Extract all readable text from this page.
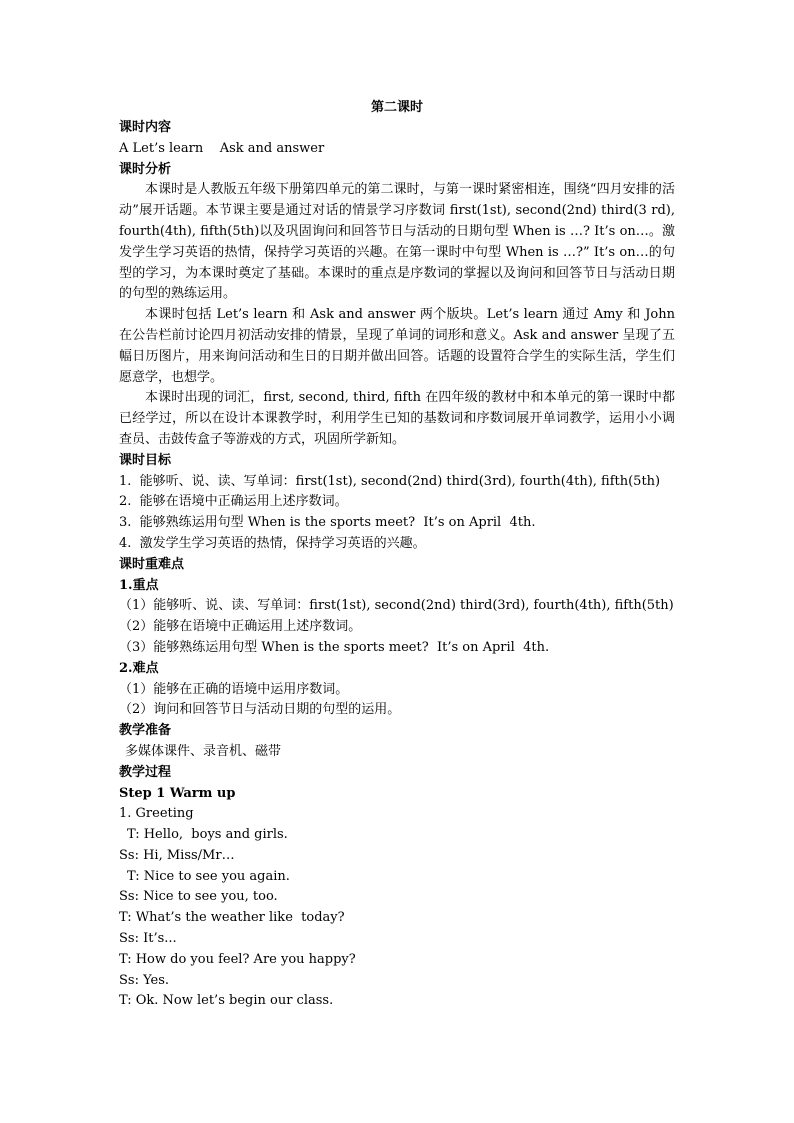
第二课时

课时内容

A Let’s learn    Ask and answer

课时分析

本课时是人教版五年级下册第四单元的第二课时，与第一课时紧密相连，围绕“四月安排的活动”展开话题。本节课主要是通过对话的情景学习序数词 first(1st), second(2nd) third(3 rd), fourth(4th), fifth(5th)以及巩固询问和回答节日与活动的日期句型 When is …? It’s on…。激发学生学习英语的热情，保持学习英语的兴趣。在第一课时中句型 When is …?” It’s on…的句型的学习，为本课时奠定了基础。本课时的重点是序数词的掌握以及询问和回答节日与活动日期的句型的熟练运用。

本课时包括 Let’s learn 和 Ask and answer 两个版块。Let’s learn 通过 Amy 和 John 在公告栏前讨论四月初活动安排的情景，呈现了单词的词形和意义。Ask and answer 呈现了五幅日历图片，用来询问活动和生日的日期并做出回答。话题的设置符合学生的实际生活，学生们愿意学，也想学。

本课时出现的词汇，first, second, third, fifth 在四年级的教材中和本单元的第一课时中都已经学过，所以在设计本课教学时，利用学生已知的基数词和序数词展开单词教学，运用小小调查员、击鼓传盒子等游戏的方式，巩固所学新知。

课时目标

1.  能够听、说、读、写单词：first(1st), second(2nd) third(3rd), fourth(4th), fifth(5th)

2.  能够在语境中正确运用上述序数词。

3.  能够熟练运用句型 When is the sports meet?  It’s on April  4th.

4.  激发学生学习英语的热情，保持学习英语的兴趣。

课时重难点

1.重点

（1）能够听、说、读、写单词：first(1st), second(2nd) third(3rd), fourth(4th), fifth(5th)

（2）能够在语境中正确运用上述序数词。

（3）能够熟练运用句型 When is the sports meet?  It’s on April  4th.

2.难点

（1）能够在正确的语境中运用序数词。

（2）询问和回答节日与活动日期的句型的运用。

教学准备

多媒体课件、录音机、磁带

教学过程

Step 1 Warm up

1. Greeting

T: Hello,  boys and girls.

Ss: Hi, Miss/Mr…

T: Nice to see you again.

Ss: Nice to see you, too.

T: What’s the weather like  today?

Ss: It’s...

T: How do you feel? Are you happy?

Ss: Yes.

T: Ok. Now let’s begin our class.
